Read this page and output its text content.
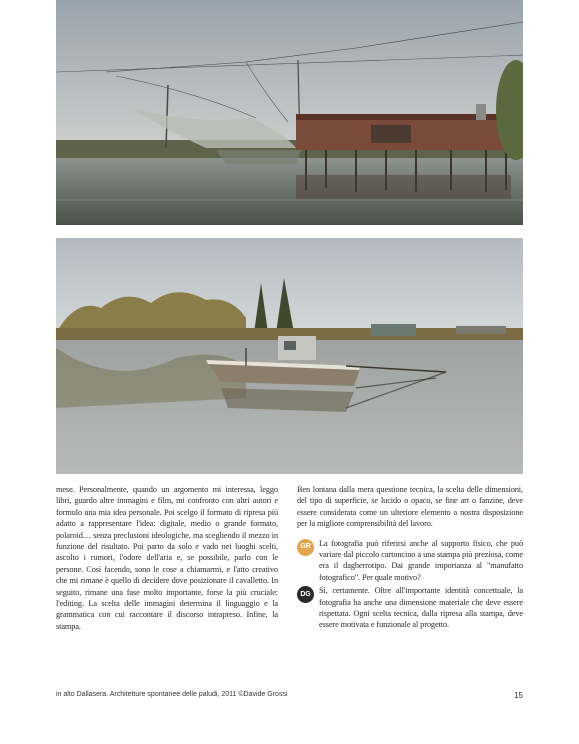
mese. Personalmente, quando un argomento mi interessa, leggo libri, guardo altre immagini e film, mi confronto con altri autori e formulo una mia idea personale. Poi scelgo il formato di ripresa più adatto a rappresentare l'idea: digitale, medio o grande formato, polaroid… senza preclusioni ideologiche, ma scegliendo il mezzo in funzione del risultato. Poi parto da solo e vado nei luoghi scelti, ascolto i rumori, l'odore dell'aria e, se possibile, parlo con le persone. Così facendo, sono le cose a chiamarmi, e l'atto creativo che mi rimane è quello di decidere dove posizionare il cavalletto. In seguito, rimane una fase molto importante, forse la più cruciale: l'editing. La scelta delle immagini determina il linguaggio e la grammatica con cui raccontare il discorso intrapreso. Infine, la stampa.

Ben lontana dalla mera questione tecnica, la scelta delle dimensioni, del tipo di superficie, se lucido o opaco, se fine art o fanzine, deve essere considerata come un ulteriore elemento a nostra disposizione per la migliore comprensibilità del lavoro.

GR	La fotografia può riferirsi anche al supporto fisico, che può variare dal piccolo cartoncino a una stampa più preziosa, come era il dagherrotipo. Dai grande importanza al "manufatto fotografico". Per quale motivo?
DG	Sì, certamente. Oltre all'importante identità concettuale, la fotografia ha anche una dimensione materiale che deve essere rispettata. Ogni scelta tecnica, dalla ripresa alla stampa, deve essere motivata e funzionale al progetto.
in alto Dallasera. Architetture spontanee delle paludi, 2011 ©Davide Grossi	15
